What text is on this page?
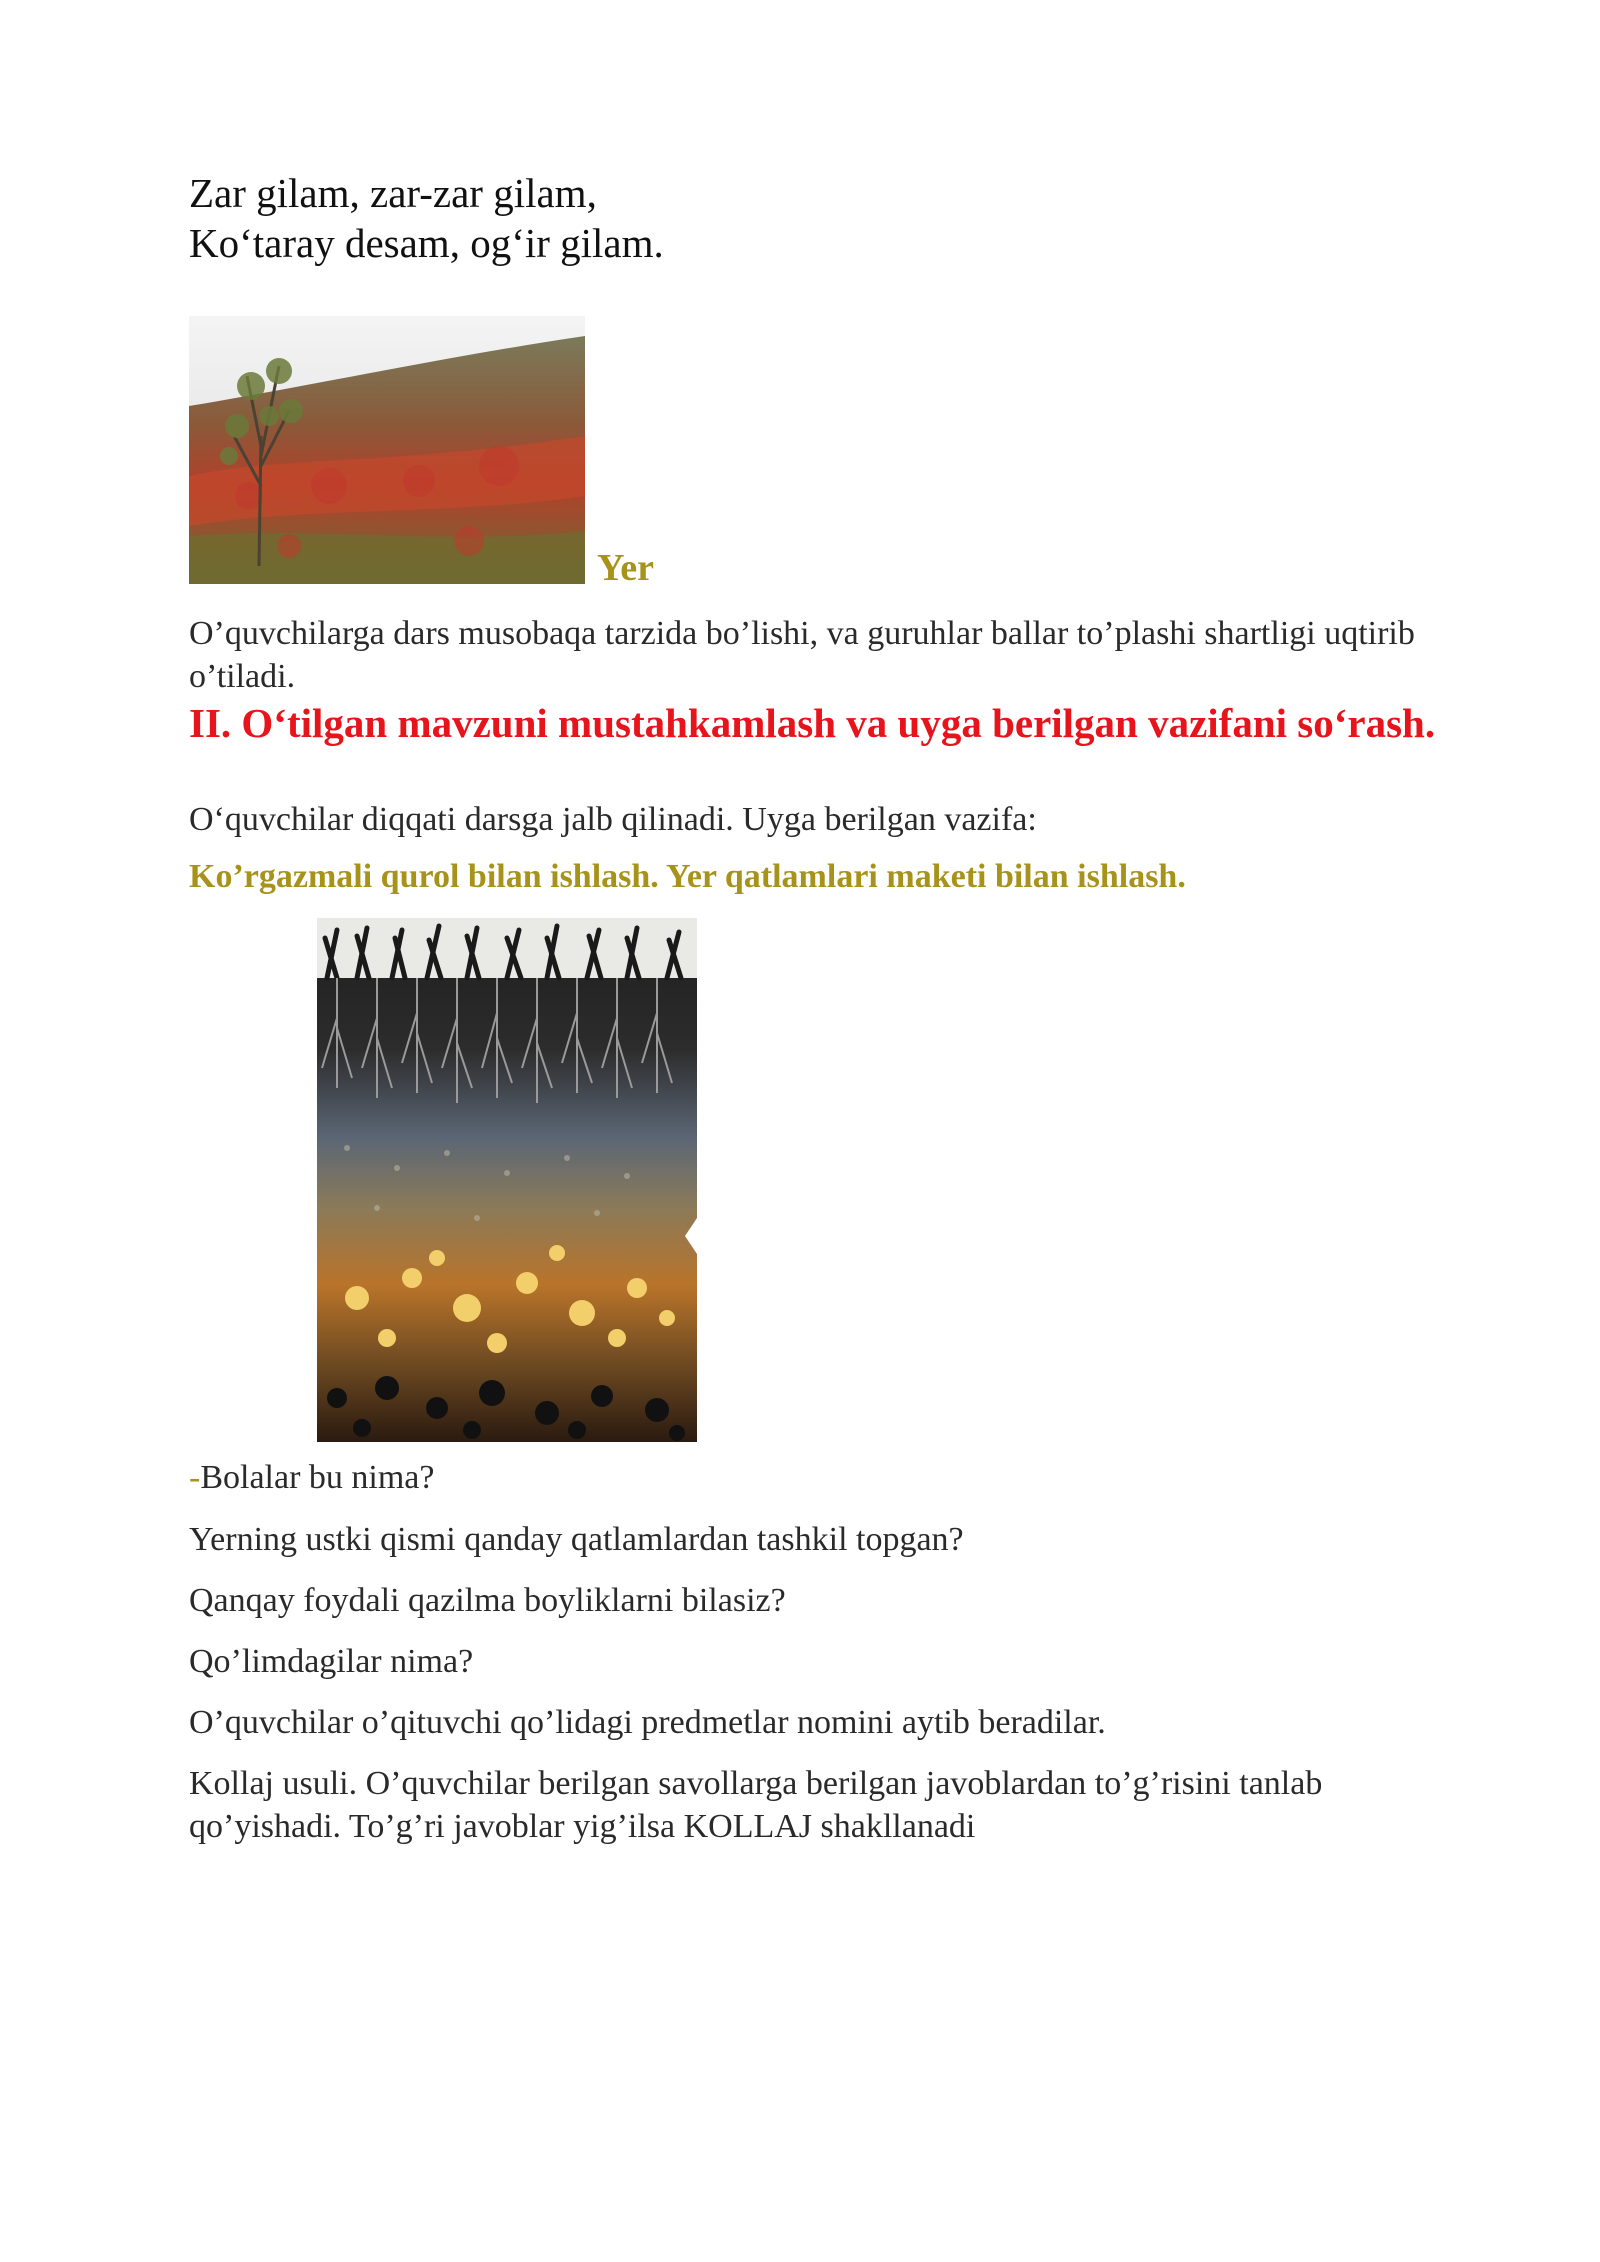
Zar gilam, zar-zar gilam,
Ko‘taray desam, og‘ir gilam.
Yer
O’quvchilarga dars musobaqa tarzida bo’lishi, va guruhlar ballar to’plashi shartligi uqtirib o’tiladi.
II. O‘tilgan mavzuni mustahkamlash va uyga berilgan vazifani so‘rash.
O‘quvchilar diqqati darsga jalb qilinadi. Uyga berilgan vazifa:
Ko’rgazmali qurol bilan ishlash. Yer qatlamlari maketi bilan ishlash.
-Bolalar bu nima?
Yerning ustki qismi qanday qatlamlardan tashkil topgan?
Qanqay foydali qazilma boyliklarni bilasiz?
Qo’limdagilar nima?
O’quvchilar o’qituvchi qo’lidagi predmetlar nomini aytib beradilar.
Kollaj usuli. O’quvchilar berilgan savollarga berilgan javoblardan to’g’risini tanlab qo’yishadi. To’g’ri javoblar yig’ilsa KOLLAJ shakllanadi
